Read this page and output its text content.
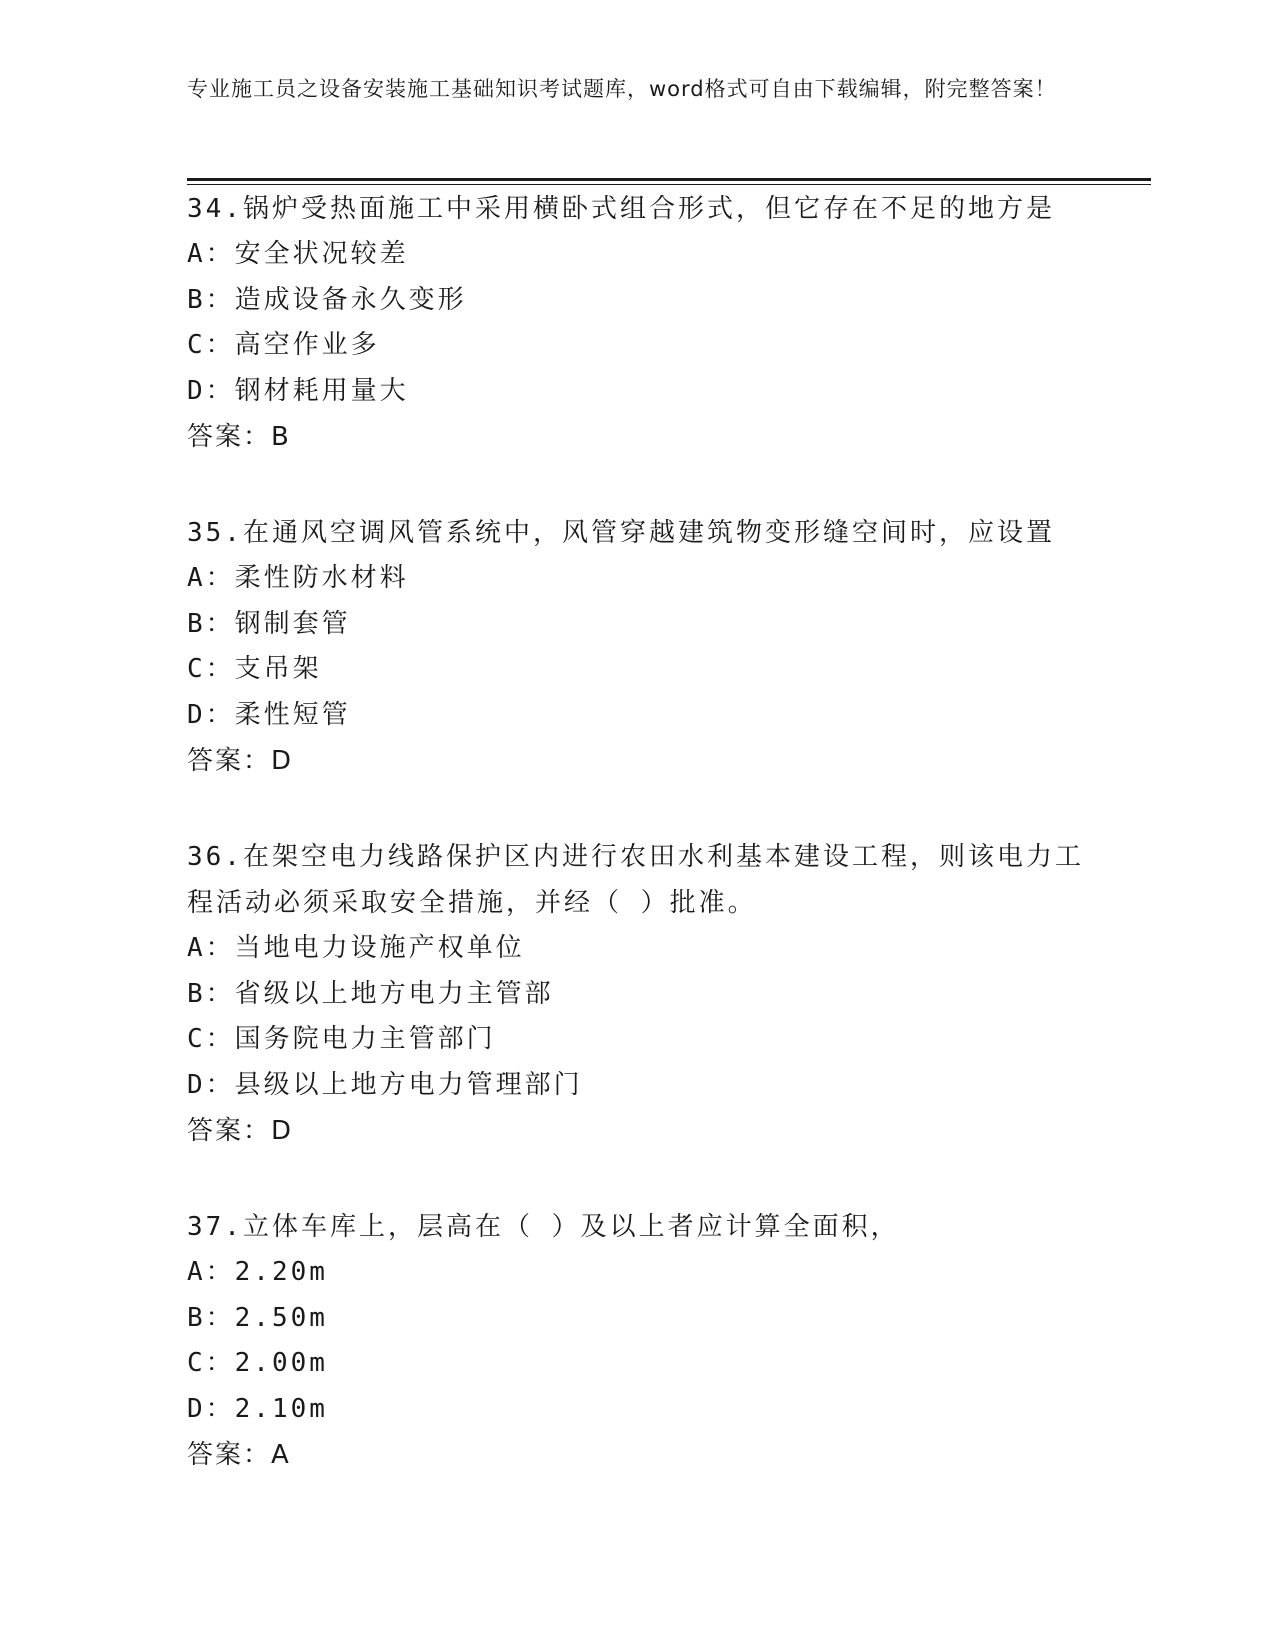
专业施工员之设备安装施工基础知识考试题库，word格式可自由下载编辑，附完整答案！

34.锅炉受热面施工中采用横卧式组合形式，但它存在不足的地方是

A：安全状况较差

B：造成设备永久变形

C：高空作业多

D：钢材耗用量大

答案：B

35.在通风空调风管系统中，风管穿越建筑物变形缝空间时，应设置

A：柔性防水材料

B：钢制套管

C：支吊架

D：柔性短管

答案：D

36.在架空电力线路保护区内进行农田水利基本建设工程，则该电力工程活动必须采取安全措施，并经（ ）批准。

A：当地电力设施产权单位

B：省级以上地方电力主管部

C：国务院电力主管部门

D：县级以上地方电力管理部门

答案：D

37.立体车库上，层高在（ ）及以上者应计算全面积，

A：2.20m

B：2.50m

C：2.00m

D：2.10m

答案：A
